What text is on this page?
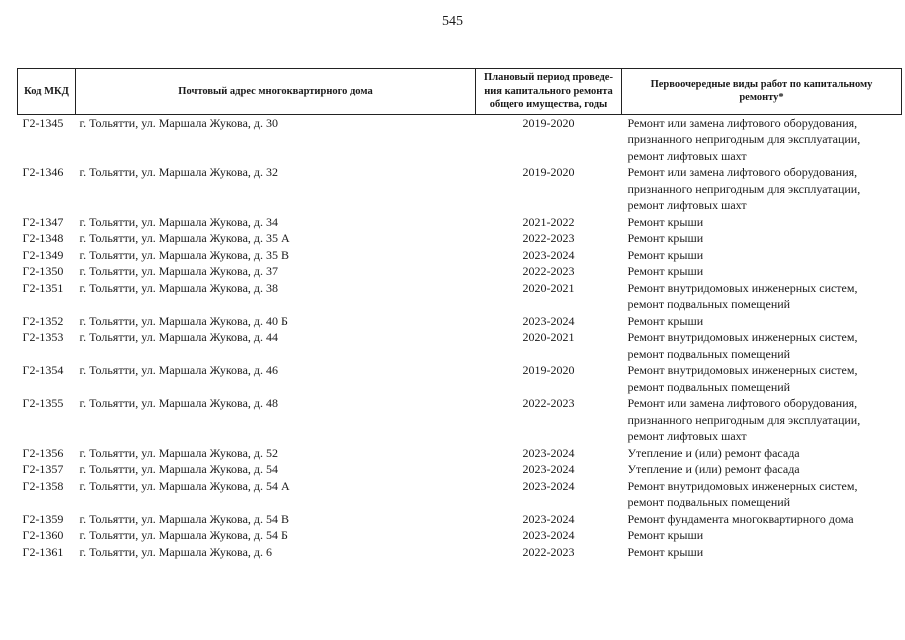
545
Код МКД	Почтовый адрес многоквартирного дома	Плановый период проведе-
ния капитального ремонта
общего имущества, годы	Первоочередные виды работ по капитальному
ремонту*

Г2-1345	г. Тольятти, ул. Маршала Жукова, д. 30	2019-2020	Ремонт или замена лифтового оборудования,
признанного непригодным для эксплуатации,
ремонт лифтовых шахт

Г2-1346	г. Тольятти, ул. Маршала Жукова, д. 32	2019-2020	Ремонт или замена лифтового оборудования,
признанного непригодным для эксплуатации,
ремонт лифтовых шахт

Г2-1347	г. Тольятти, ул. Маршала Жукова, д. 34	2021-2022	Ремонт крыши

Г2-1348	г. Тольятти, ул. Маршала Жукова, д. 35 А	2022-2023	Ремонт крыши

Г2-1349	г. Тольятти, ул. Маршала Жукова, д. 35 В	2023-2024	Ремонт крыши

Г2-1350	г. Тольятти, ул. Маршала Жукова, д. 37	2022-2023	Ремонт крыши

Г2-1351	г. Тольятти, ул. Маршала Жукова, д. 38	2020-2021	Ремонт внутридомовых инженерных систем,
ремонт подвальных помещений

Г2-1352	г. Тольятти, ул. Маршала Жукова, д. 40 Б	2023-2024	Ремонт крыши

Г2-1353	г. Тольятти, ул. Маршала Жукова, д. 44	2020-2021	Ремонт внутридомовых инженерных систем,
ремонт подвальных помещений

Г2-1354	г. Тольятти, ул. Маршала Жукова, д. 46	2019-2020	Ремонт внутридомовых инженерных систем,
ремонт подвальных помещений

Г2-1355	г. Тольятти, ул. Маршала Жукова, д. 48	2022-2023	Ремонт или замена лифтового оборудования,
признанного непригодным для эксплуатации,
ремонт лифтовых шахт

Г2-1356	г. Тольятти, ул. Маршала Жукова, д. 52	2023-2024	Утепление и (или) ремонт фасада

Г2-1357	г. Тольятти, ул. Маршала Жукова, д. 54	2023-2024	Утепление и (или) ремонт фасада

Г2-1358	г. Тольятти, ул. Маршала Жукова, д. 54 А	2023-2024	Ремонт внутридомовых инженерных систем,
ремонт подвальных помещений

Г2-1359	г. Тольятти, ул. Маршала Жукова, д. 54 В	2023-2024	Ремонт фундамента многоквартирного дома

Г2-1360	г. Тольятти, ул. Маршала Жукова, д. 54 Б	2023-2024	Ремонт крыши

Г2-1361	г. Тольятти, ул. Маршала Жукова, д. 6	2022-2023	Ремонт крыши
